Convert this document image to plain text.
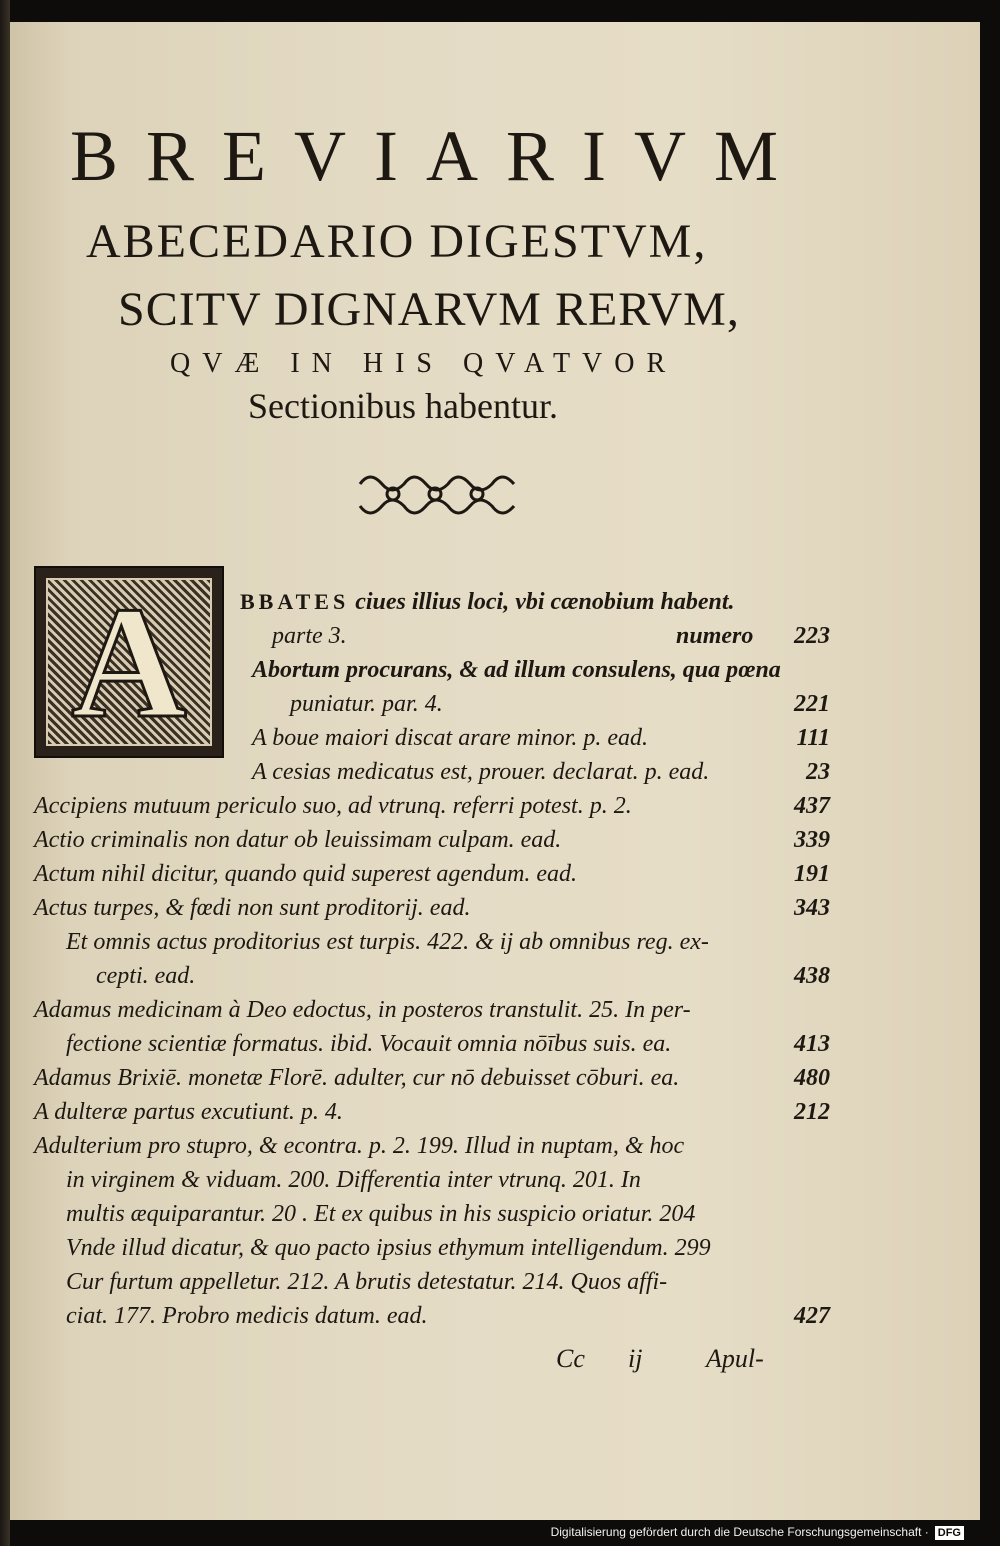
BREVIARIVM
ABECEDARIO DIGESTVM,
SCITV DIGNARVM RERVM,
QVÆ IN HIS QVATVOR
Sectionibus habentur.
A	BBATES ciues illius loci, vbi cænobium habent.
parte 3.	numero 223
Abortum procurans, & ad illum consulens, qua pœna
puniatur. par. 4.	221
A boue maiori discat arare minor. p. ead.	111
A cesias medicatus est, prouer. declarat. p. ead.	23
Accipiens mutuum periculo suo, ad vtrunq. referri potest. p. 2.	437
Actio criminalis non datur ob leuissimam culpam. ead.	339
Actum nihil dicitur, quando quid superest agendum. ead.	191
Actus turpes, & fœdi non sunt proditorij. ead.	343
Et omnis actus proditorius est turpis. 422. & ij ab omnibus reg. ex-
cepti. ead.	438
Adamus medicinam à Deo edoctus, in posteros transtulit. 25. In per-
fectione scientiæ formatus. ibid. Vocauit omnia nōībus suis. ea.	413
Adamus Brixiē. monetæ Florē. adulter, cur nō debuisset cōburi. ea.	480
A dulteræ partus excutiunt. p. 4.	212
Adulterium pro stupro, & econtra. p. 2. 199. Illud in nuptam, & hoc
in virginem & viduam. 200. Differentia inter vtrunq. 201. In
multis æquiparantur. 20 . Et ex quibus in his suspicio oriatur. 204
Vnde illud dicatur, & quo pacto ipsius ethymum intelligendum. 299
Cur furtum appelletur. 212. A brutis detestatur. 214. Quos affi-
ciat. 177. Probro medicis datum. ead.	427
Cc ij Apul-
Digitalisierung gefördert durch die Deutsche Forschungsgemeinschaft · DFG
